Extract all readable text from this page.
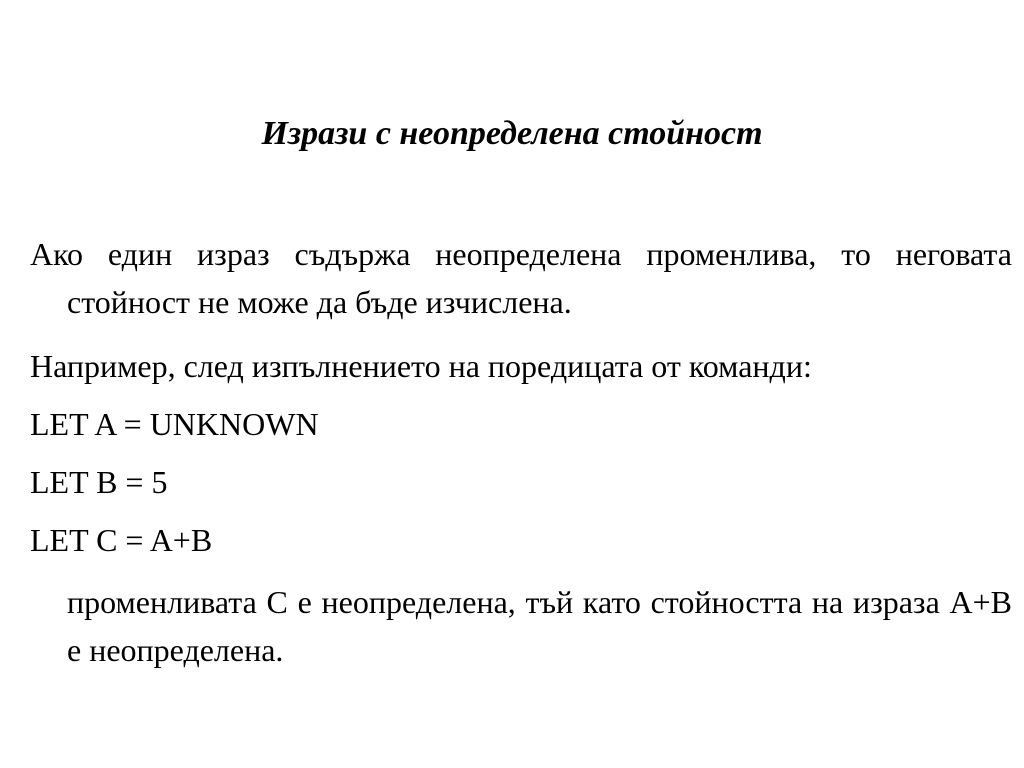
Изрази с неопределена стойност

Ако един израз съдържа неопределена променлива, то неговата стойност не може да бъде изчислена.

Например, след изпълнението на поредицата от команди:

LET A = UNKNOWN

LET B = 5

LET C = A+B

променливата C е неопределена, тъй като стойността на израза A+B е неопределена.
